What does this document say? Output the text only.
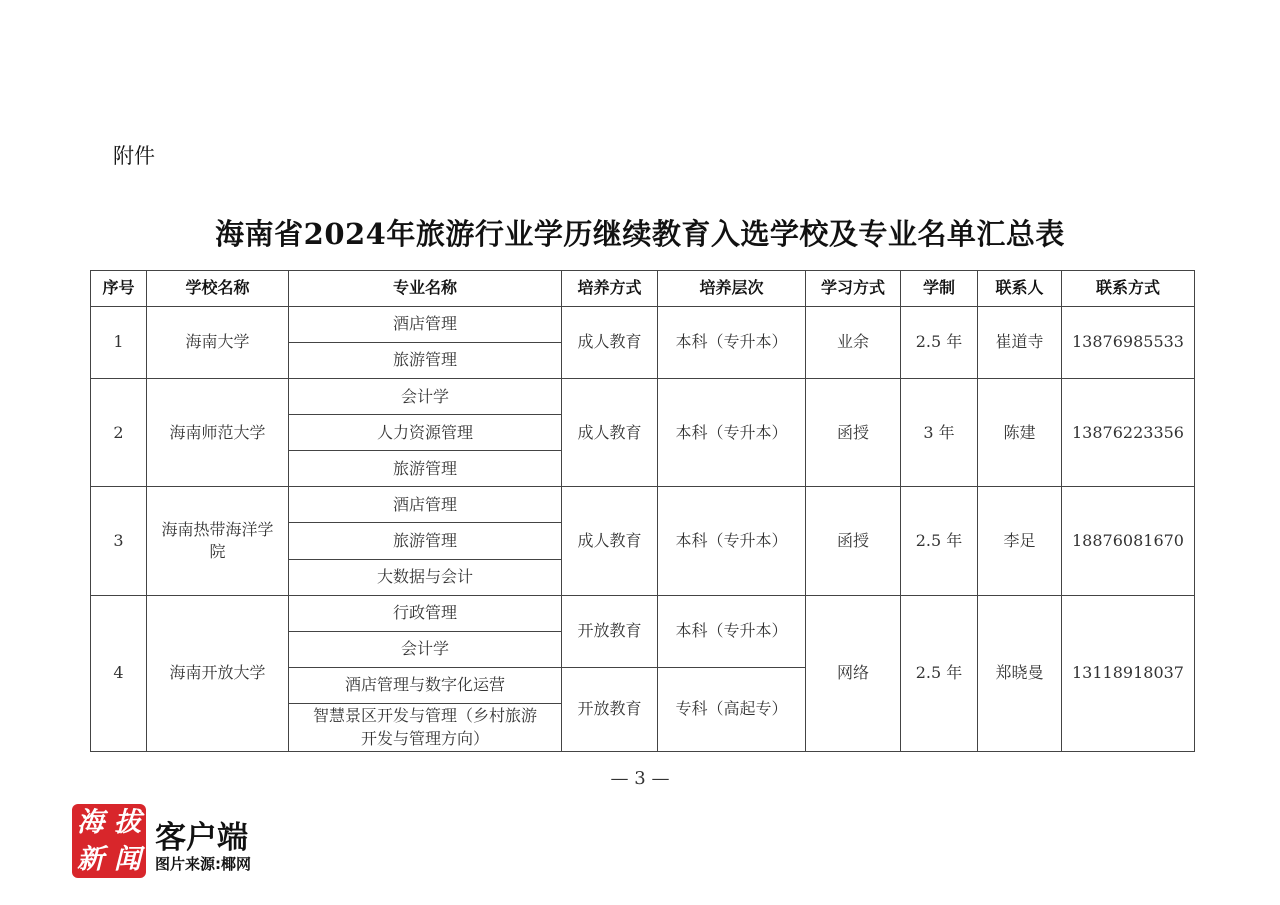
附件
海南省2024年旅游行业学历继续教育入选学校及专业名单汇总表
序号	学校名称	专业名称	培养方式	培养层次	学习方式	学制	联系人	联系方式
1	海南大学	酒店管理	成人教育	本科（专升本）	业余	2.5 年	崔道寺	13876985533
		旅游管理						
2	海南师范大学	会计学	成人教育	本科（专升本）	函授	3 年	陈建	13876223356
		人力资源管理						
		旅游管理						
3	海南热带海洋学院	酒店管理	成人教育	本科（专升本）	函授	2.5 年	李足	18876081670
		旅游管理						
		大数据与会计						
4	海南开放大学	行政管理	开放教育	本科（专升本）	网络	2.5 年	郑晓曼	13118918037
		会计学						
		酒店管理与数字化运营	开放教育	专科（高起专）				
		智慧景区开发与管理（乡村旅游开发与管理方向）						
— 3 —
海 拔
新 闻
客户端
图片来源:椰网
